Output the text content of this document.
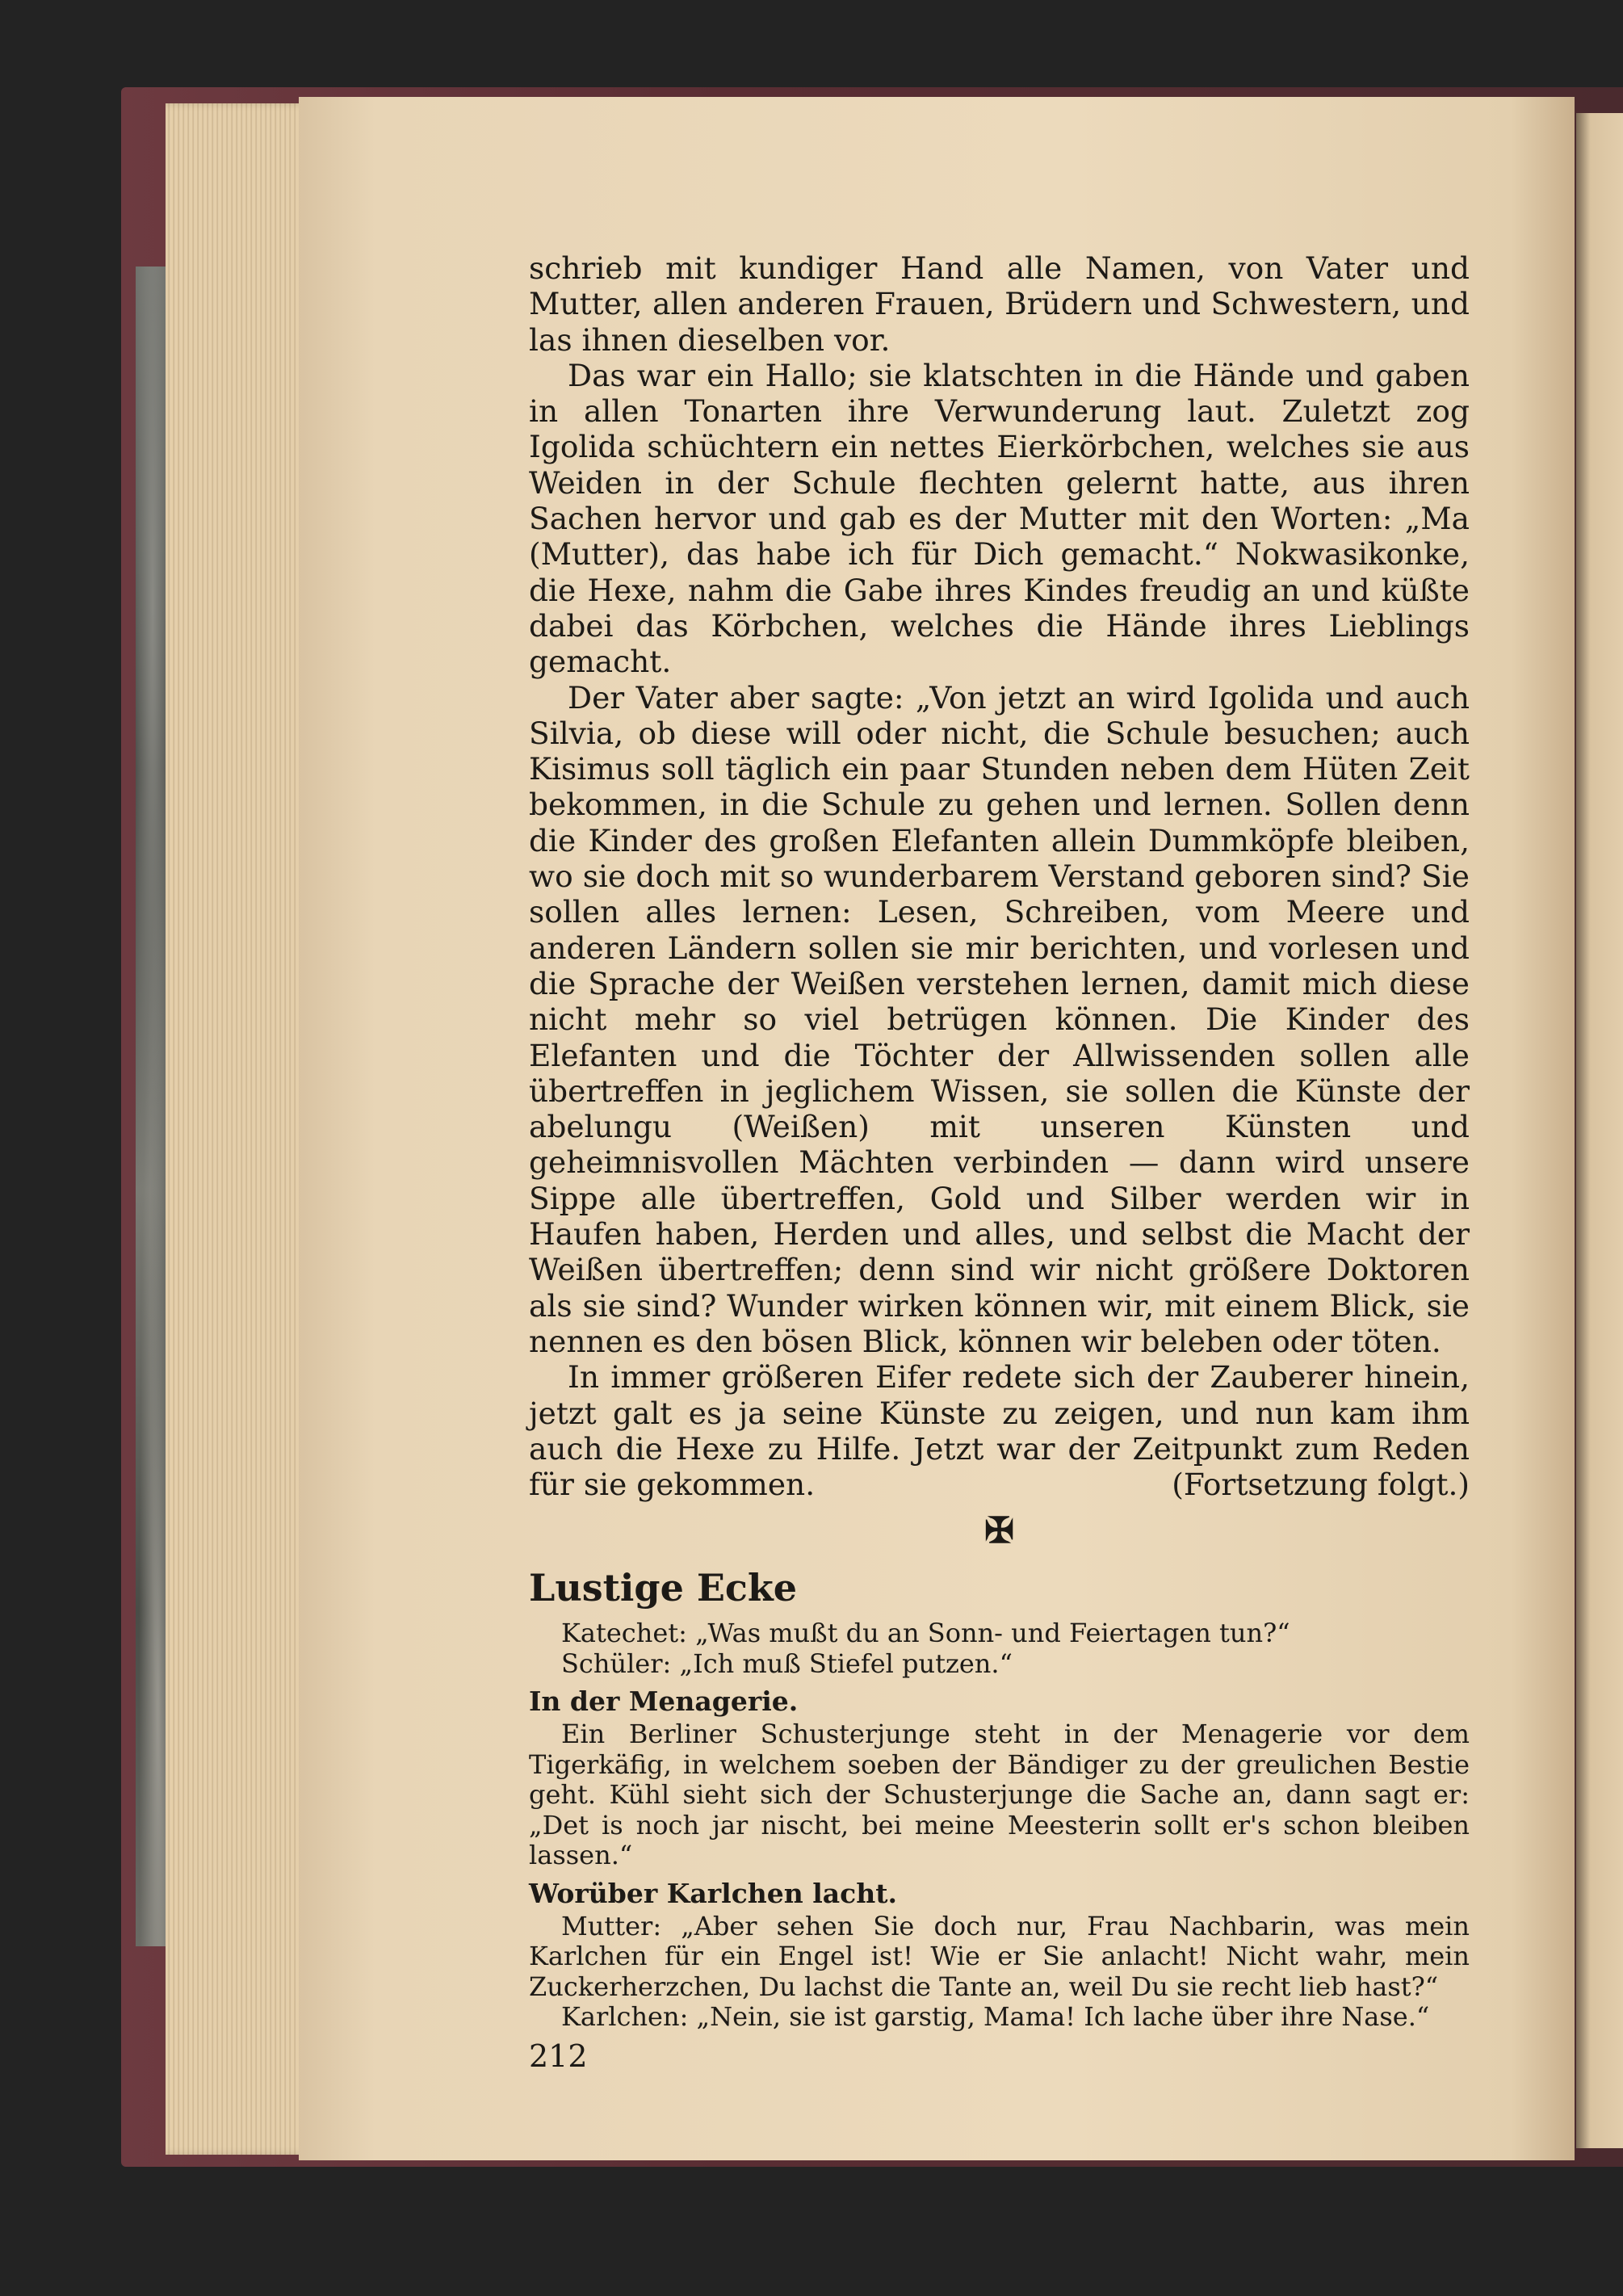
schrieb mit kundiger Hand alle Namen, von Vater und Mutter, allen anderen Frauen, Brüdern und Schwestern, und las ihnen dieselben vor.

Das war ein Hallo; sie klatschten in die Hände und gaben in allen Tonarten ihre Verwunderung laut. Zuletzt zog Igolida schüchtern ein nettes Eierkörbchen, welches sie aus Weiden in der Schule flechten gelernt hatte, aus ihren Sachen hervor und gab es der Mutter mit den Worten: „Ma (Mutter), das habe ich für Dich gemacht.“ Nokwasikonke, die Hexe, nahm die Gabe ihres Kindes freudig an und küßte dabei das Körbchen, welches die Hände ihres Lieblings gemacht.

Der Vater aber sagte: „Von jetzt an wird Igolida und auch Silvia, ob diese will oder nicht, die Schule besuchen; auch Kisimus soll täglich ein paar Stunden neben dem Hüten Zeit bekommen, in die Schule zu gehen und lernen. Sollen denn die Kinder des großen Elefanten allein Dummköpfe bleiben, wo sie doch mit so wunderbarem Verstand geboren sind? Sie sollen alles lernen: Lesen, Schreiben, vom Meere und anderen Ländern sollen sie mir berichten, und vorlesen und die Sprache der Weißen verstehen lernen, damit mich diese nicht mehr so viel betrügen können. Die Kinder des Elefanten und die Töchter der Allwissenden sollen alle übertreffen in jeglichem Wissen, sie sollen die Künste der abelungu (Weißen) mit unseren Künsten und geheimnisvollen Mächten verbinden — dann wird unsere Sippe alle übertreffen, Gold und Silber werden wir in Haufen haben, Herden und alles, und selbst die Macht der Weißen übertreffen; denn sind wir nicht größere Doktoren als sie sind? Wunder wirken können wir, mit einem Blick, sie nennen es den bösen Blick, können wir beleben oder töten.

In immer größeren Eifer redete sich der Zauberer hinein, jetzt galt es ja seine Künste zu zeigen, und nun kam ihm auch die Hexe zu Hilfe. Jetzt war der Zeitpunkt zum Reden für sie gekommen.	(Fortsetzung folgt.)

✠
Lustige Ecke

Katechet: „Was mußt du an Sonn- und Feiertagen tun?“

Schüler: „Ich muß Stiefel putzen.“

In der Menagerie.

Ein Berliner Schusterjunge steht in der Menagerie vor dem Tigerkäfig, in welchem soeben der Bändiger zu der greulichen Bestie geht. Kühl sieht sich der Schusterjunge die Sache an, dann sagt er: „Det is noch jar nischt, bei meine Meesterin sollt er's schon bleiben lassen.“

Worüber Karlchen lacht.

Mutter: „Aber sehen Sie doch nur, Frau Nachbarin, was mein Karlchen für ein Engel ist! Wie er Sie anlacht! Nicht wahr, mein Zuckerherzchen, Du lachst die Tante an, weil Du sie recht lieb hast?“

Karlchen: „Nein, sie ist garstig, Mama! Ich lache über ihre Nase.“

212
